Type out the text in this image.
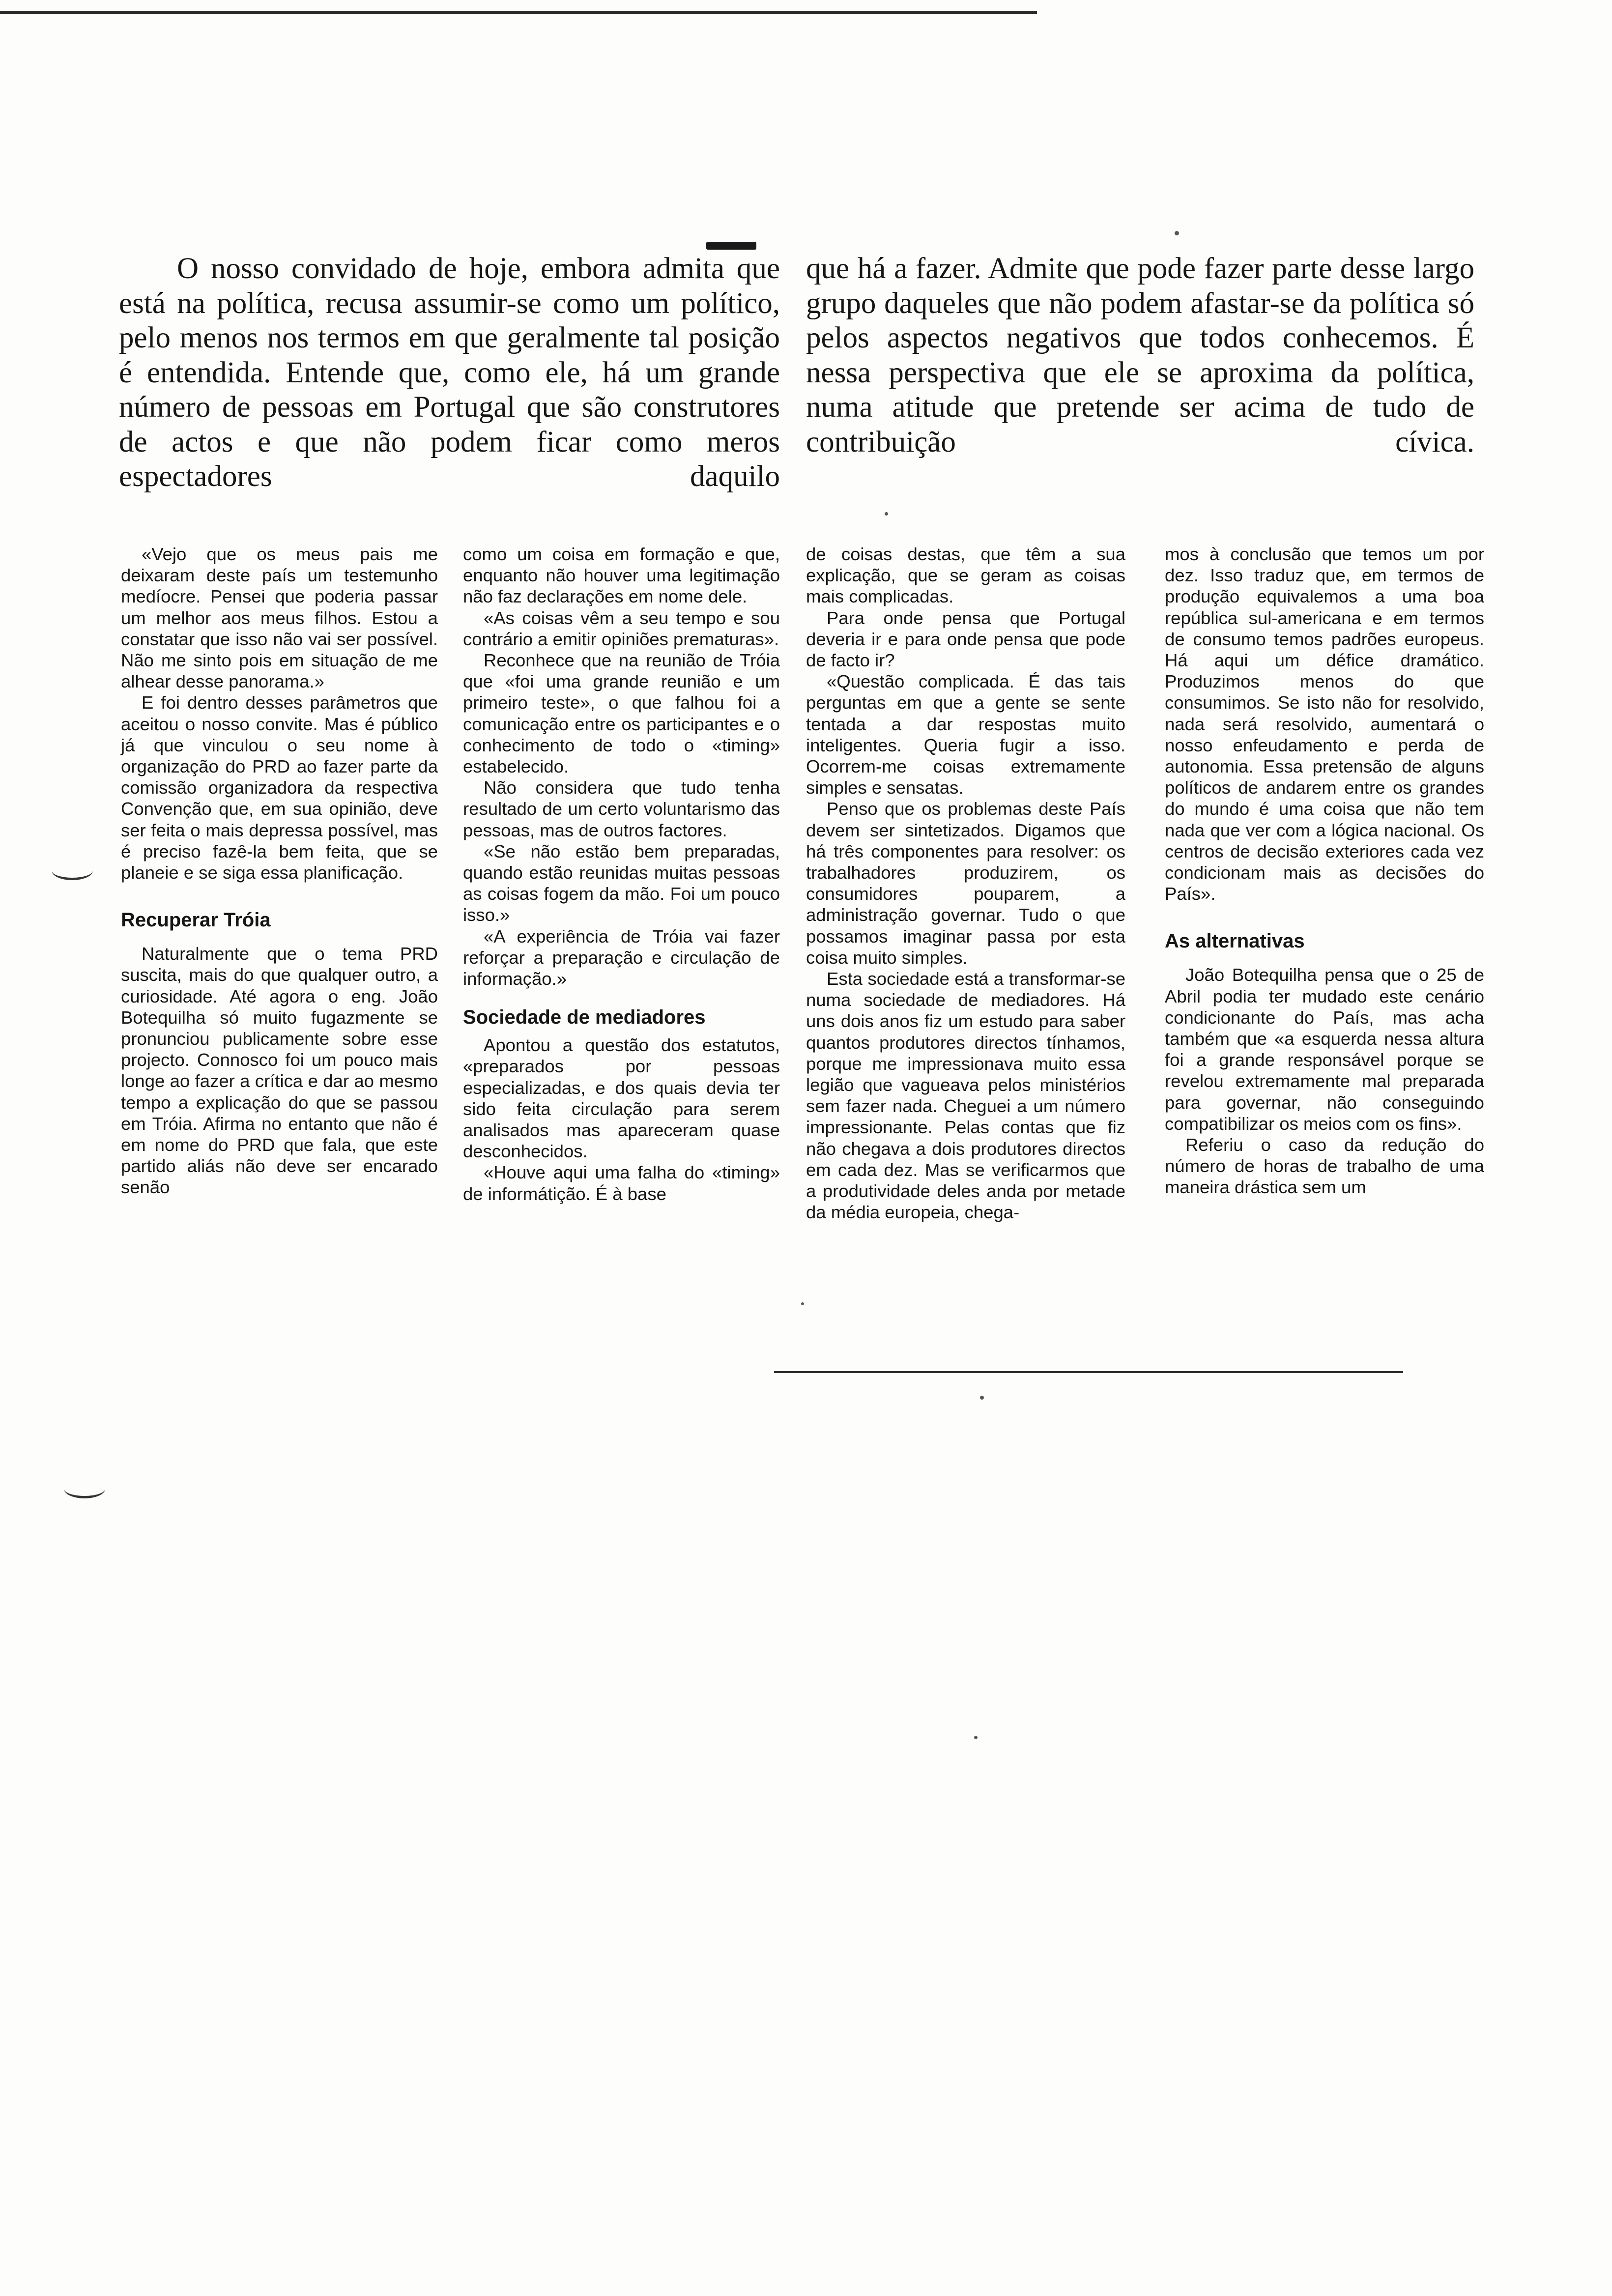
O nosso convidado de hoje, embora admita que está na política, recusa assumir-se como um político, pelo menos nos termos em que geralmente tal posição é entendida. Entende que, como ele, há um grande número de pessoas em Portugal que são construtores de actos e que não podem ficar como meros espectadores daquilo

que há a fazer. Admite que pode fazer parte desse largo grupo daqueles que não podem afastar-se da política só pelos aspectos negativos que todos conhecemos. É nessa perspectiva que ele se aproxima da política, numa atitude que pretende ser acima de tudo de contribuição cívica.

«Vejo que os meus pais me deixaram deste país um testemunho medíocre. Pensei que poderia passar um melhor aos meus filhos. Estou a constatar que isso não vai ser possível. Não me sinto pois em situação de me alhear desse panorama.»

E foi dentro desses parâmetros que aceitou o nosso convite. Mas é público já que vinculou o seu nome à organização do PRD ao fazer parte da comissão organizadora da respectiva Convenção que, em sua opinião, deve ser feita o mais depressa possível, mas é preciso fazê-la bem feita, que se planeie e se siga essa planificação.

Recuperar Tróia

Naturalmente que o tema PRD suscita, mais do que qualquer outro, a curiosidade. Até agora o eng. João Botequilha só muito fugazmente se pronunciou publicamente sobre esse projecto. Connosco foi um pouco mais longe ao fazer a crítica e dar ao mesmo tempo a explicação do que se passou em Tróia. Afirma no entanto que não é em nome do PRD que fala, que este partido aliás não deve ser encarado senão

como um coisa em formação e que, enquanto não houver uma legitimação não faz declarações em nome dele.

«As coisas vêm a seu tempo e sou contrário a emitir opiniões prematuras».

Reconhece que na reunião de Tróia que «foi uma grande reunião e um primeiro teste», o que falhou foi a comunicação entre os participantes e o conhecimento de todo o «timing» estabelecido.

Não considera que tudo tenha resultado de um certo voluntarismo das pessoas, mas de outros factores.

«Se não estão bem preparadas, quando estão reunidas muitas pessoas as coisas fogem da mão. Foi um pouco isso.»

«A experiência de Tróia vai fazer reforçar a preparação e circulação de informação.»

Sociedade de mediadores

Apontou a questão dos estatutos, «preparados por pessoas especializadas, e dos quais devia ter sido feita circulação para serem analisados mas apareceram quase desconhecidos.

«Houve aqui uma falha do «timing» de informátição. É à base

de coisas destas, que têm a sua explicação, que se geram as coisas mais complicadas.

Para onde pensa que Portugal deveria ir e para onde pensa que pode de facto ir?

«Questão complicada. É das tais perguntas em que a gente se sente tentada a dar respostas muito inteligentes. Queria fugir a isso. Ocorrem-me coisas extremamente simples e sensatas.

Penso que os problemas deste País devem ser sintetizados. Digamos que há três componentes para resolver: os trabalhadores produzirem, os consumidores pouparem, a administração governar. Tudo o que possamos imaginar passa por esta coisa muito simples.

Esta sociedade está a transformar-se numa sociedade de mediadores. Há uns dois anos fiz um estudo para saber quantos produtores directos tínhamos, porque me impressionava muito essa legião que vagueava pelos ministérios sem fazer nada. Cheguei a um número impressionante. Pelas contas que fiz não chegava a dois produtores directos em cada dez. Mas se verificarmos que a produtividade deles anda por metade da média europeia, chega-

mos à conclusão que temos um por dez. Isso traduz que, em termos de produção equivalemos a uma boa república sul-americana e em termos de consumo temos padrões europeus. Há aqui um défice dramático. Produzimos menos do que consumimos. Se isto não for resolvido, nada será resolvido, aumentará o nosso enfeudamento e perda de autonomia. Essa pretensão de alguns políticos de andarem entre os grandes do mundo é uma coisa que não tem nada que ver com a lógica nacional. Os centros de decisão exteriores cada vez condicionam mais as decisões do País».

As alternativas

João Botequilha pensa que o 25 de Abril podia ter mudado este cenário condicionante do País, mas acha também que «a esquerda nessa altura foi a grande responsável porque se revelou extremamente mal preparada para governar, não conseguindo compatibilizar os meios com os fins».

Referiu o caso da redução do número de horas de trabalho de uma maneira drástica sem um
